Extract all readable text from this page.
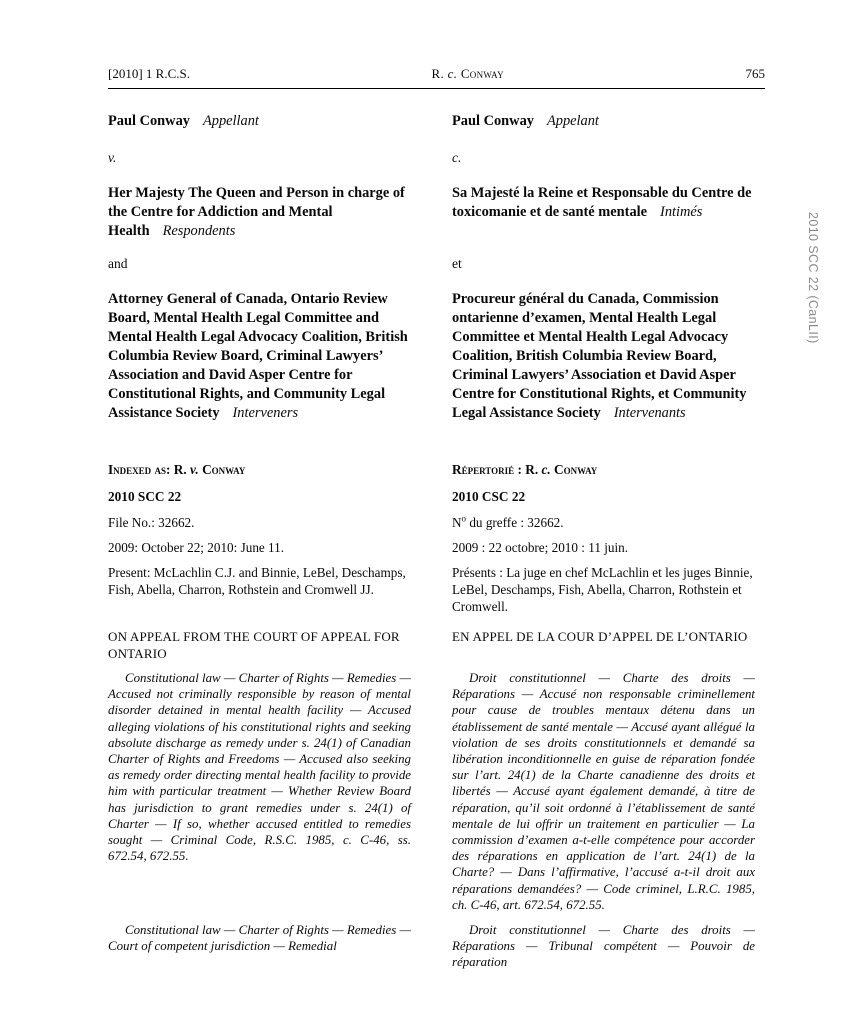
[2010] 1 R.C.S.	R. c. Conway	765

Paul Conway Appellant

v.

Her Majesty The Queen and Person in charge of the Centre for Addiction and Mental Health Respondents

and

Attorney General of Canada, Ontario Review Board, Mental Health Legal Committee and Mental Health Legal Advocacy Coalition, British Columbia Review Board, Criminal Lawyers’ Association and David Asper Centre for Constitutional Rights, and Community Legal Assistance Society Interveners

Indexed as: R. v. Conway

2010 SCC 22

File No.: 32662.

2009: October 22; 2010: June 11.

Present: McLachlin C.J. and Binnie, LeBel, Deschamps, Fish, Abella, Charron, Rothstein and Cromwell JJ.

ON APPEAL FROM THE COURT OF APPEAL FOR ONTARIO

Constitutional law — Charter of Rights — Remedies — Accused not criminally responsible by reason of mental disorder detained in mental health facility — Accused alleging violations of his constitutional rights and seeking absolute discharge as remedy under s. 24(1) of Canadian Charter of Rights and Freedoms — Accused also seeking as remedy order directing mental health facility to provide him with particular treatment — Whether Review Board has jurisdiction to grant remedies under s. 24(1) of Charter — If so, whether accused entitled to remedies sought — Criminal Code, R.S.C. 1985, c. C-46, ss. 672.54, 672.55.

Constitutional law — Charter of Rights — Remedies — Court of competent jurisdiction — Remedial

Paul Conway Appelant

c.

Sa Majesté la Reine et Responsable du Centre de toxicomanie et de santé mentale Intimés

et

Procureur général du Canada, Commission ontarienne d’examen, Mental Health Legal Committee et Mental Health Legal Advocacy Coalition, British Columbia Review Board, Criminal Lawyers’ Association et David Asper Centre for Constitutional Rights, et Community Legal Assistance Society Intervenants

Répertorié : R. c. Conway

2010 CSC 22

$N^o$ du greffe : 32662.

2009 : 22 octobre; 2010 : 11 juin.

Présents : La juge en chef McLachlin et les juges Binnie, LeBel, Deschamps, Fish, Abella, Charron, Rothstein et Cromwell.

EN APPEL DE LA COUR D’APPEL DE L’ONTARIO

Droit constitutionnel — Charte des droits — Réparations — Accusé non responsable criminellement pour cause de troubles mentaux détenu dans un établissement de santé mentale — Accusé ayant allégué la violation de ses droits constitutionnels et demandé sa libération inconditionnelle en guise de réparation fondée sur l’art. 24(1) de la Charte canadienne des droits et libertés — Accusé ayant également demandé, à titre de réparation, qu’il soit ordonné à l’établissement de santé mentale de lui offrir un traitement en particulier — La commission d’examen a-t-elle compétence pour accorder des réparations en application de l’art. 24(1) de la Charte? — Dans l’affirmative, l’accusé a-t-il droit aux réparations demandées? — Code criminel, L.R.C. 1985, ch. C-46, art. 672.54, 672.55.

Droit constitutionnel — Charte des droits — Réparations — Tribunal compétent — Pouvoir de réparation

2010 SCC 22 (CanLII)
